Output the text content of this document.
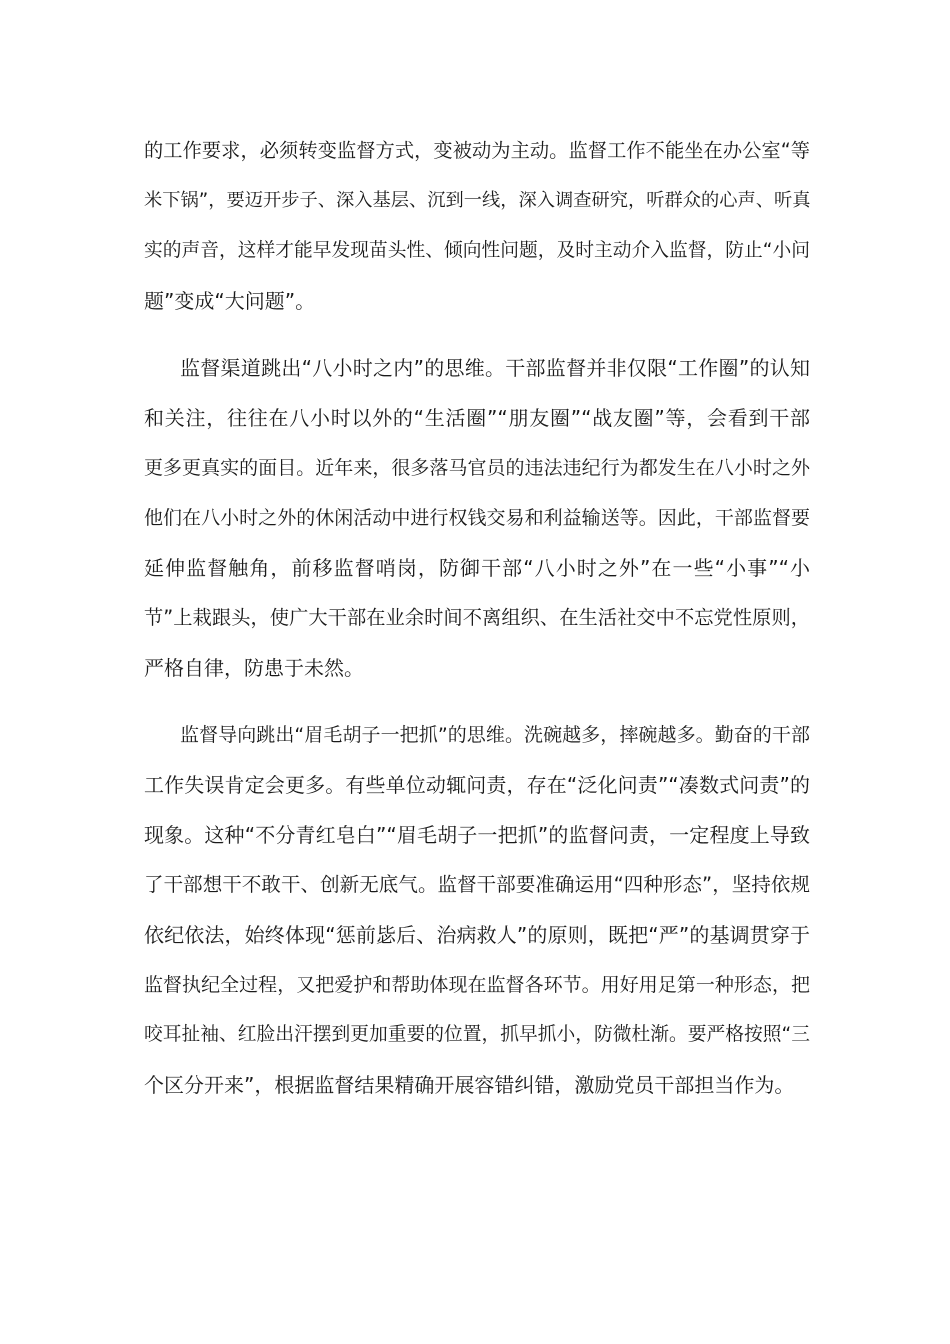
的工作要求，必须转变监督方式，变被动为主动。监督工作不能坐在办公室“等
米下锅”，要迈开步子、深入基层、沉到一线，深入调查研究，听群众的心声、听真
实的声音，这样才能早发现苗头性、倾向性问题，及时主动介入监督，防止“小问
题”变成“大问题”。
监督渠道跳出“八小时之内”的思维。干部监督并非仅限“工作圈”的认知
和关注，往往在八小时以外的“生活圈”“朋友圈”“战友圈”等，会看到干部
更多更真实的面目。近年来，很多落马官员的违法违纪行为都发生在八小时之外
他们在八小时之外的休闲活动中进行权钱交易和利益输送等。因此，干部监督要
延伸监督触角，前移监督哨岗，防御干部“八小时之外”在一些“小事”“小
节”上栽跟头，使广大干部在业余时间不离组织、在生活社交中不忘党性原则，
严格自律，防患于未然。
监督导向跳出“眉毛胡子一把抓”的思维。洗碗越多，摔碗越多。勤奋的干部
工作失误肯定会更多。有些单位动辄问责，存在“泛化问责”“凑数式问责”的
现象。这种“不分青红皂白”“眉毛胡子一把抓”的监督问责，一定程度上导致
了干部想干不敢干、创新无底气。监督干部要准确运用“四种形态”，坚持依规
依纪依法，始终体现“惩前毖后、治病救人”的原则，既把“严”的基调贯穿于
监督执纪全过程，又把爱护和帮助体现在监督各环节。用好用足第一种形态，把
咬耳扯袖、红脸出汗摆到更加重要的位置，抓早抓小，防微杜渐。要严格按照“三
个区分开来”，根据监督结果精确开展容错纠错，激励党员干部担当作为。
